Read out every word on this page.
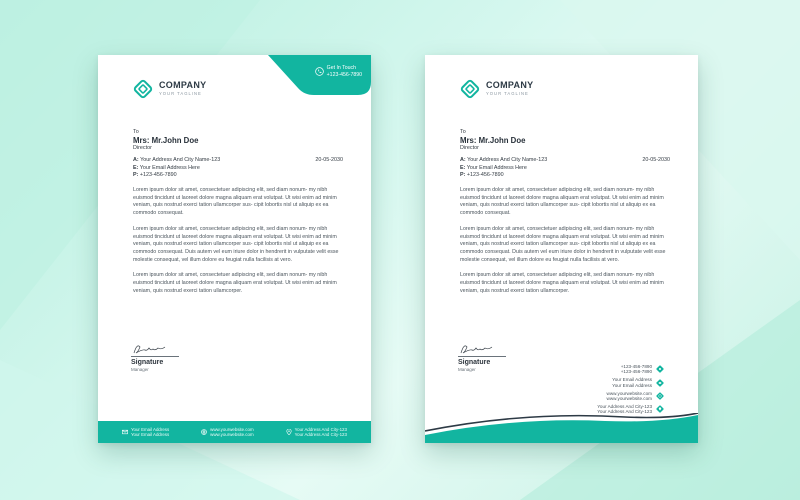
Get In Touch
+123-456-7890
COMPANY
YOUR TAGLINE
To
Mrs: Mr.John Doe
Director
A: Your Address And City Name-123
E: Your Email Address Here
P: +123-456-7890
20-05-2030

Lorem ipsum dolor sit amet, consectetuer adipiscing elit, sed diam nonum- my nibh euismod tincidunt ut laoreet dolore magna aliquam erat volutpat. Ut wisi enim ad minim veniam, quis nostrud exerci tation ullamcorper sus- cipit lobortis nisl ut aliquip ex ea commodo consequat.

Lorem ipsum dolor sit amet, consectetuer adipiscing elit, sed diam nonum- my nibh euismod tincidunt ut laoreet dolore magna aliquam erat volutpat. Ut wisi enim ad minim veniam, quis nostrud exerci tation ullamcorper sus- cipit lobortis nisl ut aliquip ex ea commodo consequat. Duis autem vel eum iriure dolor in hendrerit in vulputate velit esse molestie consequat, vel illum dolore eu feugiat nulla facilisis at vero.

Lorem ipsum dolor sit amet, consectetuer adipiscing elit, sed diam nonum- my nibh euismod tincidunt ut laoreet dolore magna aliquam erat volutpat. Ut wisi enim ad minim veniam, quis nostrud exerci tation ullamcorper.

Signature
Manager
Your Email Address
Your Email Address
www.yourwebsite.com
www.yourwebsite.com
Your Address And City-123
Your Address And City-123
COMPANY
YOUR TAGLINE
To
Mrs: Mr.John Doe
Director
A: Your Address And City Name-123
E: Your Email Address Here
P: +123-456-7890
20-05-2030

Lorem ipsum dolor sit amet, consectetuer adipiscing elit, sed diam nonum- my nibh euismod tincidunt ut laoreet dolore magna aliquam erat volutpat. Ut wisi enim ad minim veniam, quis nostrud exerci tation ullamcorper sus- cipit lobortis nisl ut aliquip ex ea commodo consequat.

Lorem ipsum dolor sit amet, consectetuer adipiscing elit, sed diam nonum- my nibh euismod tincidunt ut laoreet dolore magna aliquam erat volutpat. Ut wisi enim ad minim veniam, quis nostrud exerci tation ullamcorper sus- cipit lobortis nisl ut aliquip ex ea commodo consequat. Duis autem vel eum iriure dolor in hendrerit in vulputate velit esse molestie consequat, vel illum dolore eu feugiat nulla facilisis at vero.

Lorem ipsum dolor sit amet, consectetuer adipiscing elit, sed diam nonum- my nibh euismod tincidunt ut laoreet dolore magna aliquam erat volutpat. Ut wisi enim ad minim veniam, quis nostrud exerci tation ullamcorper.

Signature
Manager
+123-456-7890
+123-456-7890
Your Email Address
Your Email Address
www.yourwebsite.com
www.yourwebsite.com
Your Address And City-123
Your Address And City-123
